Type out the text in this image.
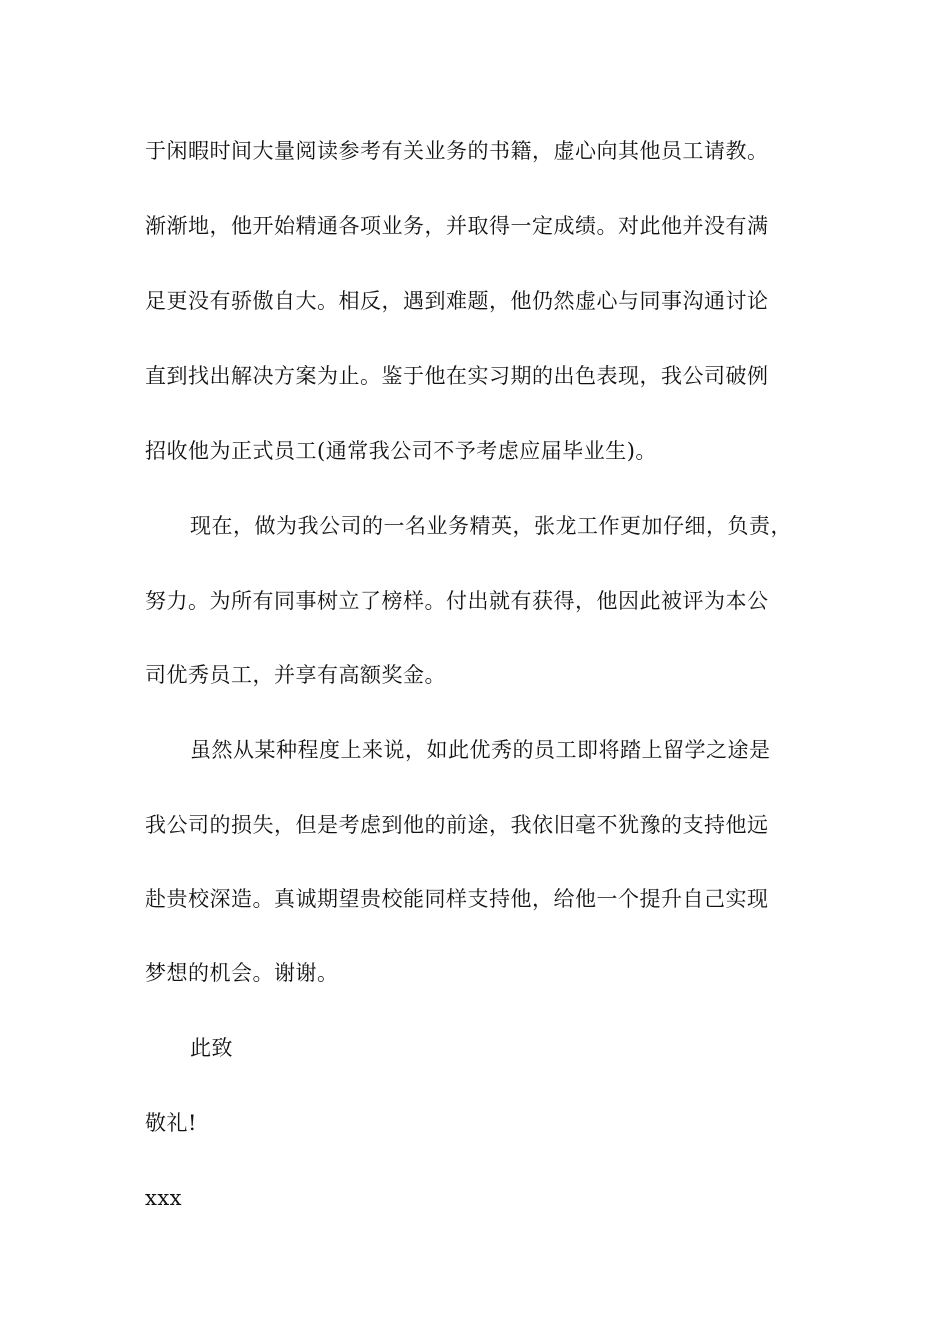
于闲暇时间大量阅读参考有关业务的书籍，虚心向其他员工请教。
渐渐地，他开始精通各项业务，并取得一定成绩。对此他并没有满
足更没有骄傲自大。相反，遇到难题，他仍然虚心与同事沟通讨论
直到找出解决方案为止。鉴于他在实习期的出色表现，我公司破例
招收他为正式员工(通常我公司不予考虑应届毕业生)。
现在，做为我公司的一名业务精英，张龙工作更加仔细，负责，
努力。为所有同事树立了榜样。付出就有获得，他因此被评为本公
司优秀员工，并享有高额奖金。
虽然从某种程度上来说，如此优秀的员工即将踏上留学之途是
我公司的损失，但是考虑到他的前途，我依旧毫不犹豫的支持他远
赴贵校深造。真诚期望贵校能同样支持他，给他一个提升自己实现
梦想的机会。谢谢。
此致
敬礼!
xxx
